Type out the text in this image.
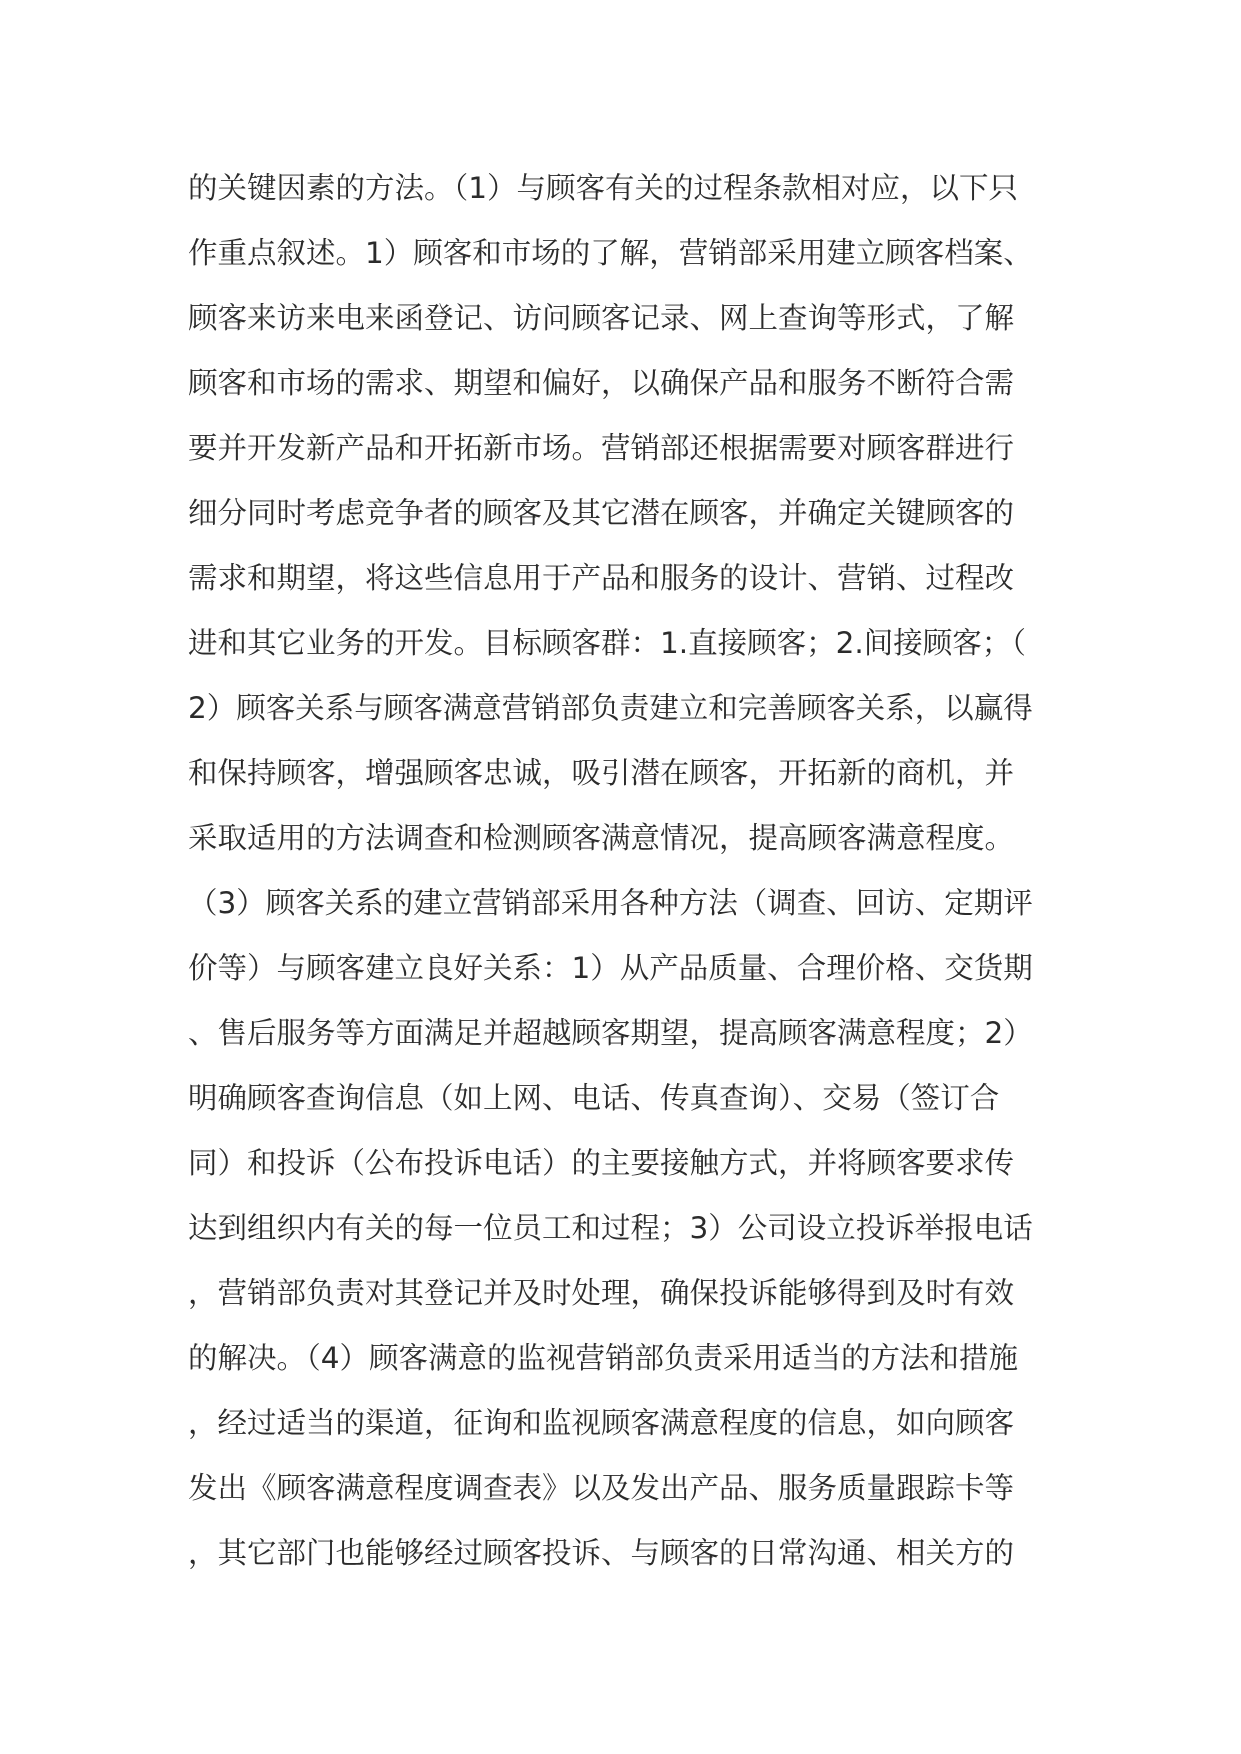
的关键因素的方法。（1）与顾客有关的过程条款相对应，以下只
作重点叙述。1）顾客和市场的了解，营销部采用建立顾客档案、
顾客来访来电来函登记、访问顾客记录、网上查询等形式，了解
顾客和市场的需求、期望和偏好，以确保产品和服务不断符合需
要并开发新产品和开拓新市场。营销部还根据需要对顾客群进行
细分同时考虑竞争者的顾客及其它潜在顾客，并确定关键顾客的
需求和期望，将这些信息用于产品和服务的设计、营销、过程改
进和其它业务的开发。目标顾客群：1.直接顾客；2.间接顾客；（
2）顾客关系与顾客满意营销部负责建立和完善顾客关系，以赢得
和保持顾客，增强顾客忠诚，吸引潜在顾客，开拓新的商机，并
采取适用的方法调查和检测顾客满意情况，提高顾客满意程度。
（3）顾客关系的建立营销部采用各种方法（调查、回访、定期评
价等）与顾客建立良好关系：1）从产品质量、合理价格、交货期
、售后服务等方面满足并超越顾客期望，提高顾客满意程度；2）
明确顾客查询信息（如上网、电话、传真查询）、交易（签订合
同）和投诉（公布投诉电话）的主要接触方式，并将顾客要求传
达到组织内有关的每一位员工和过程；3）公司设立投诉举报电话
，营销部负责对其登记并及时处理，确保投诉能够得到及时有效
的解决。（4）顾客满意的监视营销部负责采用适当的方法和措施
，经过适当的渠道，征询和监视顾客满意程度的信息，如向顾客
发出《顾客满意程度调查表》以及发出产品、服务质量跟踪卡等
，其它部门也能够经过顾客投诉、与顾客的日常沟通、相关方的
